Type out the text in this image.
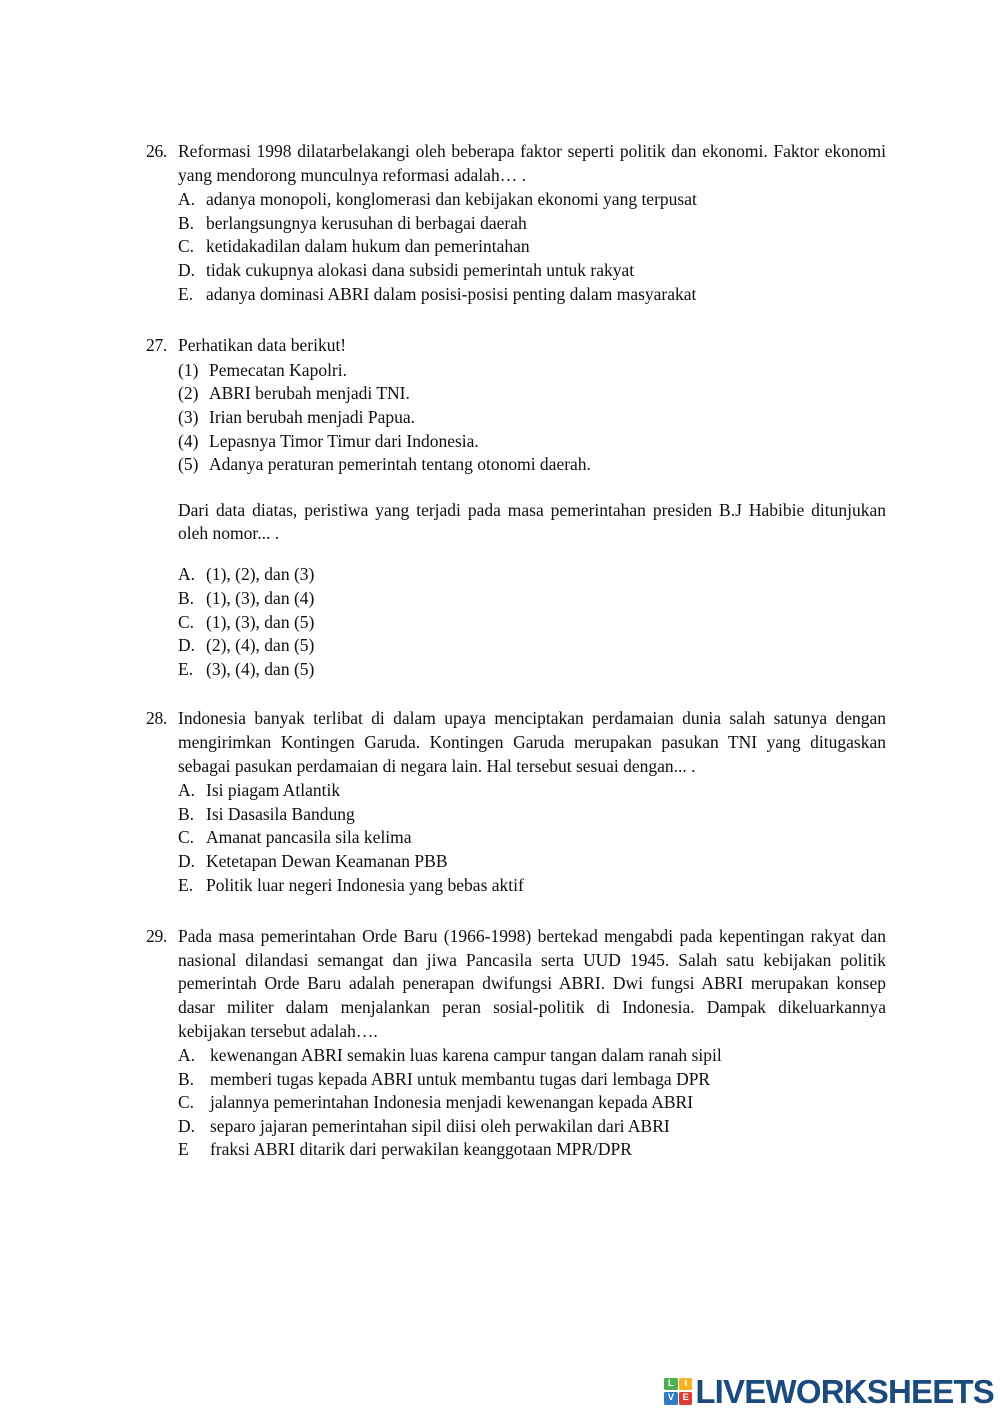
26. Reformasi 1998 dilatarbelakangi oleh beberapa faktor seperti politik dan ekonomi. Faktor ekonomi yang mendorong munculnya reformasi adalah… .

A. adanya monopoli, konglomerasi dan kebijakan ekonomi yang terpusat
B. berlangsungnya kerusuhan di berbagai daerah
C. ketidakadilan dalam hukum dan pemerintahan
D. tidak cukupnya alokasi dana subsidi pemerintah untuk rakyat
E. adanya dominasi ABRI dalam posisi-posisi penting dalam masyarakat
27. Perhatikan data berikut!

(1) Pemecatan Kapolri.
(2) ABRI berubah menjadi TNI.
(3) Irian berubah menjadi Papua.
(4) Lepasnya Timor Timur dari Indonesia.
(5) Adanya peraturan pemerintah tentang otonomi daerah.

Dari data diatas, peristiwa yang terjadi pada masa pemerintahan presiden B.J Habibie ditunjukan oleh nomor... .

A. (1), (2), dan (3)
B. (1), (3), dan (4)
C. (1), (3), dan (5)
D. (2), (4), dan (5)
E. (3), (4), dan (5)
28. Indonesia banyak terlibat di dalam upaya menciptakan perdamaian dunia salah satunya dengan mengirimkan Kontingen Garuda. Kontingen Garuda merupakan pasukan TNI yang ditugaskan sebagai pasukan perdamaian di negara lain. Hal tersebut sesuai dengan... .

A. Isi piagam Atlantik
B. Isi Dasasila Bandung
C. Amanat pancasila sila kelima
D. Ketetapan Dewan Keamanan PBB
E. Politik luar negeri Indonesia yang bebas aktif
29. Pada masa pemerintahan Orde Baru (1966-1998) bertekad mengabdi pada kepentingan rakyat dan nasional dilandasi semangat dan jiwa Pancasila serta UUD 1945. Salah satu kebijakan politik pemerintah Orde Baru adalah penerapan dwifungsi ABRI. Dwi fungsi ABRI merupakan konsep dasar militer dalam menjalankan peran sosial-politik di Indonesia. Dampak dikeluarkannya kebijakan tersebut adalah….

A. kewenangan ABRI semakin luas karena campur tangan dalam ranah sipil
B. memberi tugas kepada ABRI untuk membantu tugas dari lembaga DPR
C. jalannya pemerintahan Indonesia menjadi kewenangan kepada ABRI
D. separo jajaran pemerintahan sipil diisi oleh perwakilan dari ABRI
E	fraksi ABRI ditarik dari perwakilan keanggotaan MPR/DPR
L	I
V E LIVEWORKSHEETS
